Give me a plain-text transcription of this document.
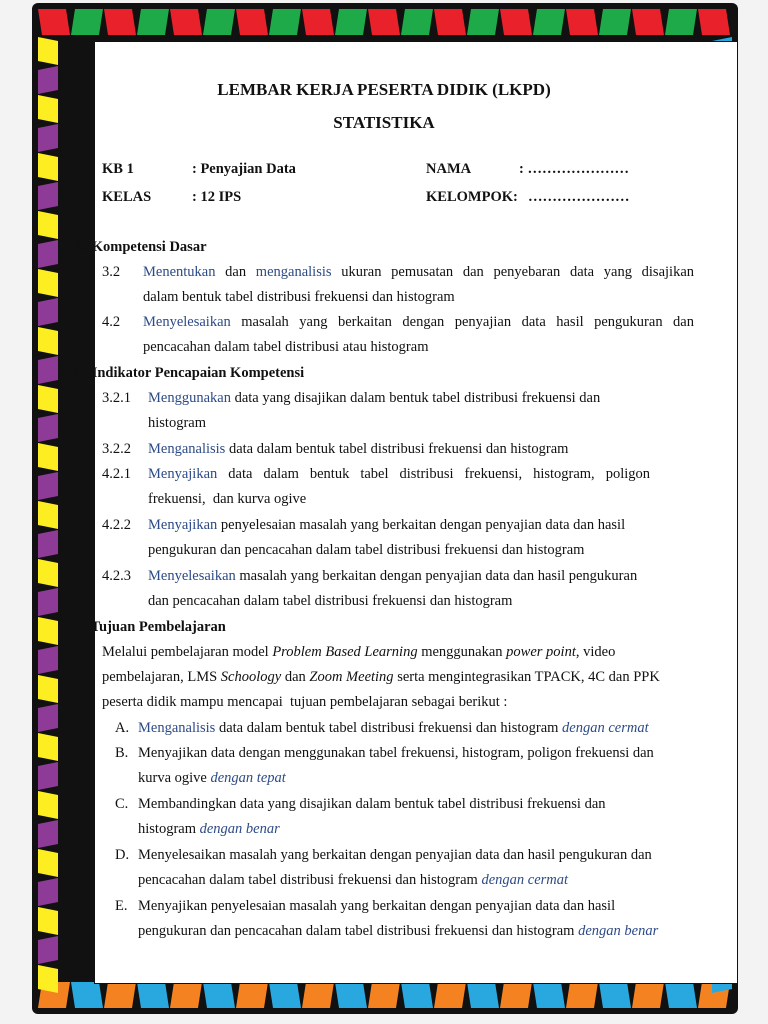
LEMBAR KERJA PESERTA DIDIK (LKPD)
STATISTIKA
KB 1	: Penyajian Data	NAMA	: …………………
KELAS	: 12 IPS	KELOMPOK: …………………
A. Kompetensi Dasar
3.2 Menentukan dan menganalisis ukuran pemusatan dan penyebaran data yang disajikan
dalam bentuk tabel distribusi frekuensi dan histogram
4.2 Menyelesaikan masalah yang berkaitan dengan penyajian data hasil pengukuran dan
pencacahan dalam tabel distribusi atau histogram
D. Indikator Pencapaian Kompetensi
3.2.1 Menggunakan data yang disajikan dalam bentuk tabel distribusi frekuensi dan
histogram
3.2.2 Menganalisis data dalam bentuk tabel distribusi frekuensi dan histogram
4.2.1 Menyajikan data dalam bentuk tabel distribusi frekuensi, histogram, poligon
frekuensi,  dan kurva ogive
4.2.2 Menyajikan penyelesaian masalah yang berkaitan dengan penyajian data dan hasil
pengukuran dan pencacahan dalam tabel distribusi frekuensi dan histogram
4.2.3 Menyelesaikan masalah yang berkaitan dengan penyajian data dan hasil pengukuran
dan pencacahan dalam tabel distribusi frekuensi dan histogram
E. Tujuan Pembelajaran
Melalui pembelajaran model Problem Based Learning menggunakan power point, video
pembelajaran, LMS Schoology dan Zoom Meeting serta mengintegrasikan TPACK, 4C dan PPK
peserta didik mampu mencapai  tujuan pembelajaran sebagai berikut :
A. Menganalisis data dalam bentuk tabel distribusi frekuensi dan histogram dengan cermat
B. Menyajikan data dengan menggunakan tabel frekuensi, histogram, poligon frekuensi dan
kurva ogive dengan tepat
C. Membandingkan data yang disajikan dalam bentuk tabel distribusi frekuensi dan
histogram dengan benar
D. Menyelesaikan masalah yang berkaitan dengan penyajian data dan hasil pengukuran dan
pencacahan dalam tabel distribusi frekuensi dan histogram dengan cermat
E. Menyajikan penyelesaian masalah yang berkaitan dengan penyajian data dan hasil
pengukuran dan pencacahan dalam tabel distribusi frekuensi dan histogram dengan benar
